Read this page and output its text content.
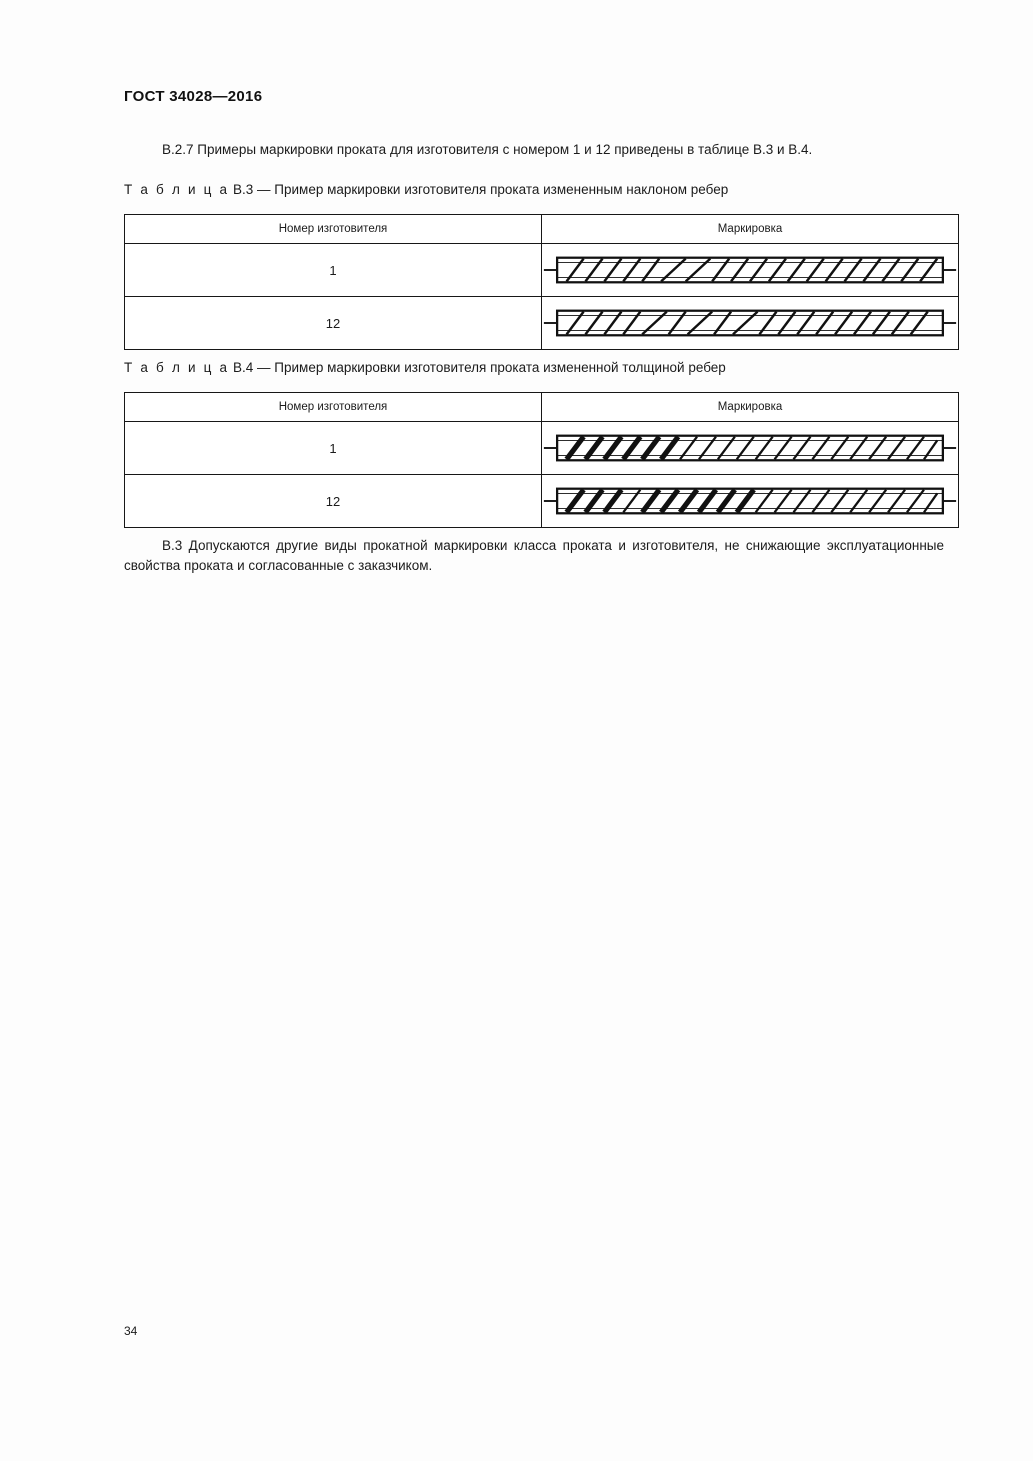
ГОСТ 34028—2016
В.2.7 Примеры маркировки проката для изготовителя с номером 1 и 12 приведены в таблице В.3 и В.4.
Т а б л и ц а В.3 — Пример маркировки изготовителя проката измененным наклоном ребер
Номер изготовителя	Маркировка
1	

12	
Т а б л и ц а В.4 — Пример маркировки изготовителя проката измененной толщиной ребер
Номер изготовителя	Маркировка
1	

12	
В.3 Допускаются другие виды прокатной маркировки класса проката и изготовителя, не снижающие эксплуатационные свойства проката и согласованные с заказчиком.
34
